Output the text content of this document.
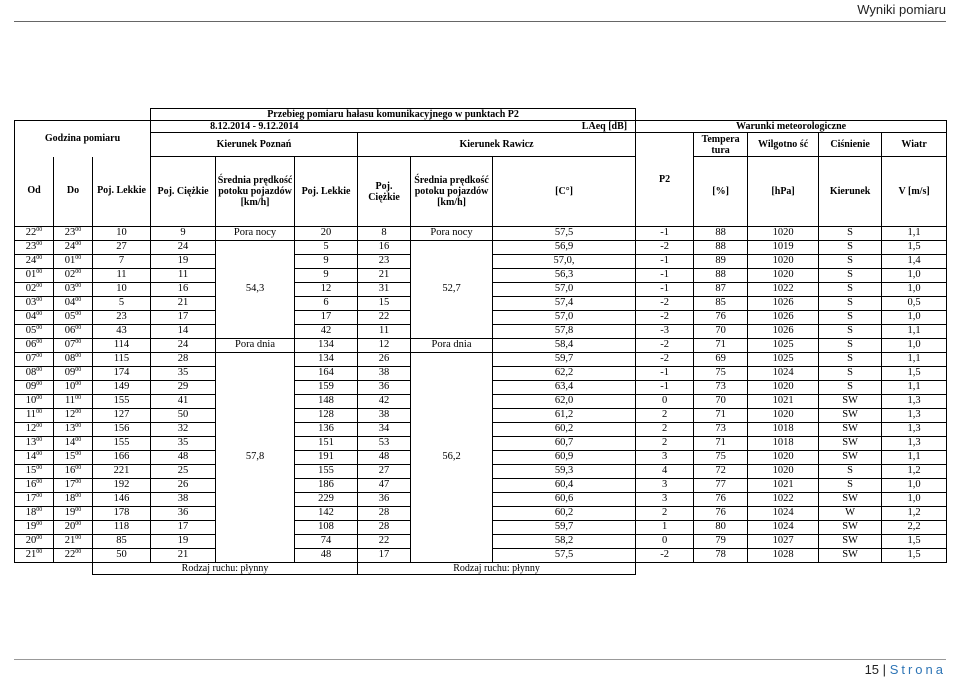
Wyniki pomiaru
			Przebieg pomiaru hałasu komunikacyjnego w punktach P2										
Godzina pomiaru			8.12.2014 - 9.12.2014			LAeq [dB]			Warunki meteorologiczne				
			Kierunek Poznań			Kierunek Rawicz			P2	Tempera tura	Wilgotno ść	Ciśnienie	Wiatr
Od	Do	Poj. Lekkie	Poj. Ciężkie	Średnia prędkość potoku pojazdów [km/h]	Poj. Lekkie	Poj. Ciężkie	Średnia prędkość potoku pojazdów [km/h]	[C°]		[%]	[hPa]	Kierunek	V [m/s]
$22^{00}$	$23^{00}$	10	9	Pora nocy	20	8	Pora nocy	57,5	-1	88	1020	S	1,1
$23^{00}$	$24^{00}$	27	24	54,3	5	16	52,7	56,9	-2	88	1019	S	1,5
$24^{00}$	$01^{00}$	7	19		9	23		57,0,	-1	89	1020	S	1,4
$01^{00}$	$02^{00}$	11	11		9	21		56,3	-1	88	1020	S	1,0
$02^{00}$	$03^{00}$	10	16		12	31		57,0	-1	87	1022	S	1,0
$03^{00}$	$04^{00}$	5	21		6	15		57,4	-2	85	1026	S	0,5
$04^{00}$	$05^{00}$	23	17		17	22		57,0	-2	76	1026	S	1,0
$05^{00}$	$06^{00}$	43	14		42	11		57,8	-3	70	1026	S	1,1
$06^{00}$	$07^{00}$	114	24	Pora dnia	134	12	Pora dnia	58,4	-2	71	1025	S	1,0
$07^{00}$	$08^{00}$	115	28	57,8	134	26	56,2	59,7	-2	69	1025	S	1,1
$08^{00}$	$09^{00}$	174	35		164	38		62,2	-1	75	1024	S	1,5
$09^{00}$	$10^{00}$	149	29		159	36		63,4	-1	73	1020	S	1,1
$10^{00}$	$11^{00}$	155	41		148	42		62,0	0	70	1021	SW	1,3
$11^{00}$	$12^{00}$	127	50		128	38		61,2	2	71	1020	SW	1,3
$12^{00}$	$13^{00}$	156	32		136	34		60,2	2	73	1018	SW	1,3
$13^{00}$	$14^{00}$	155	35		151	53		60,7	2	71	1018	SW	1,3
$14^{00}$	$15^{00}$	166	48		191	48		60,9	3	75	1020	SW	1,1
$15^{00}$	$16^{00}$	221	25		155	27		59,3	4	72	1020	S	1,2
$16^{00}$	$17^{00}$	192	26		186	47		60,4	3	77	1021	S	1,0
$17^{00}$	$18^{00}$	146	38		229	36		60,6	3	76	1022	SW	1,0
$18^{00}$	$19^{00}$	178	36		142	28		60,2	2	76	1024	W	1,2
$19^{00}$	$20^{00}$	118	17		108	28		59,7	1	80	1024	SW	2,2
$20^{00}$	$21^{00}$	85	19		74	22		58,2	0	79	1027	SW	1,5
$21^{00}$	$22^{00}$	50	21		48	17		57,5	-2	78	1028	SW	1,5
		Rodzaj ruchu: płynny				Rodzaj ruchu: płynny							
15 | Strona
